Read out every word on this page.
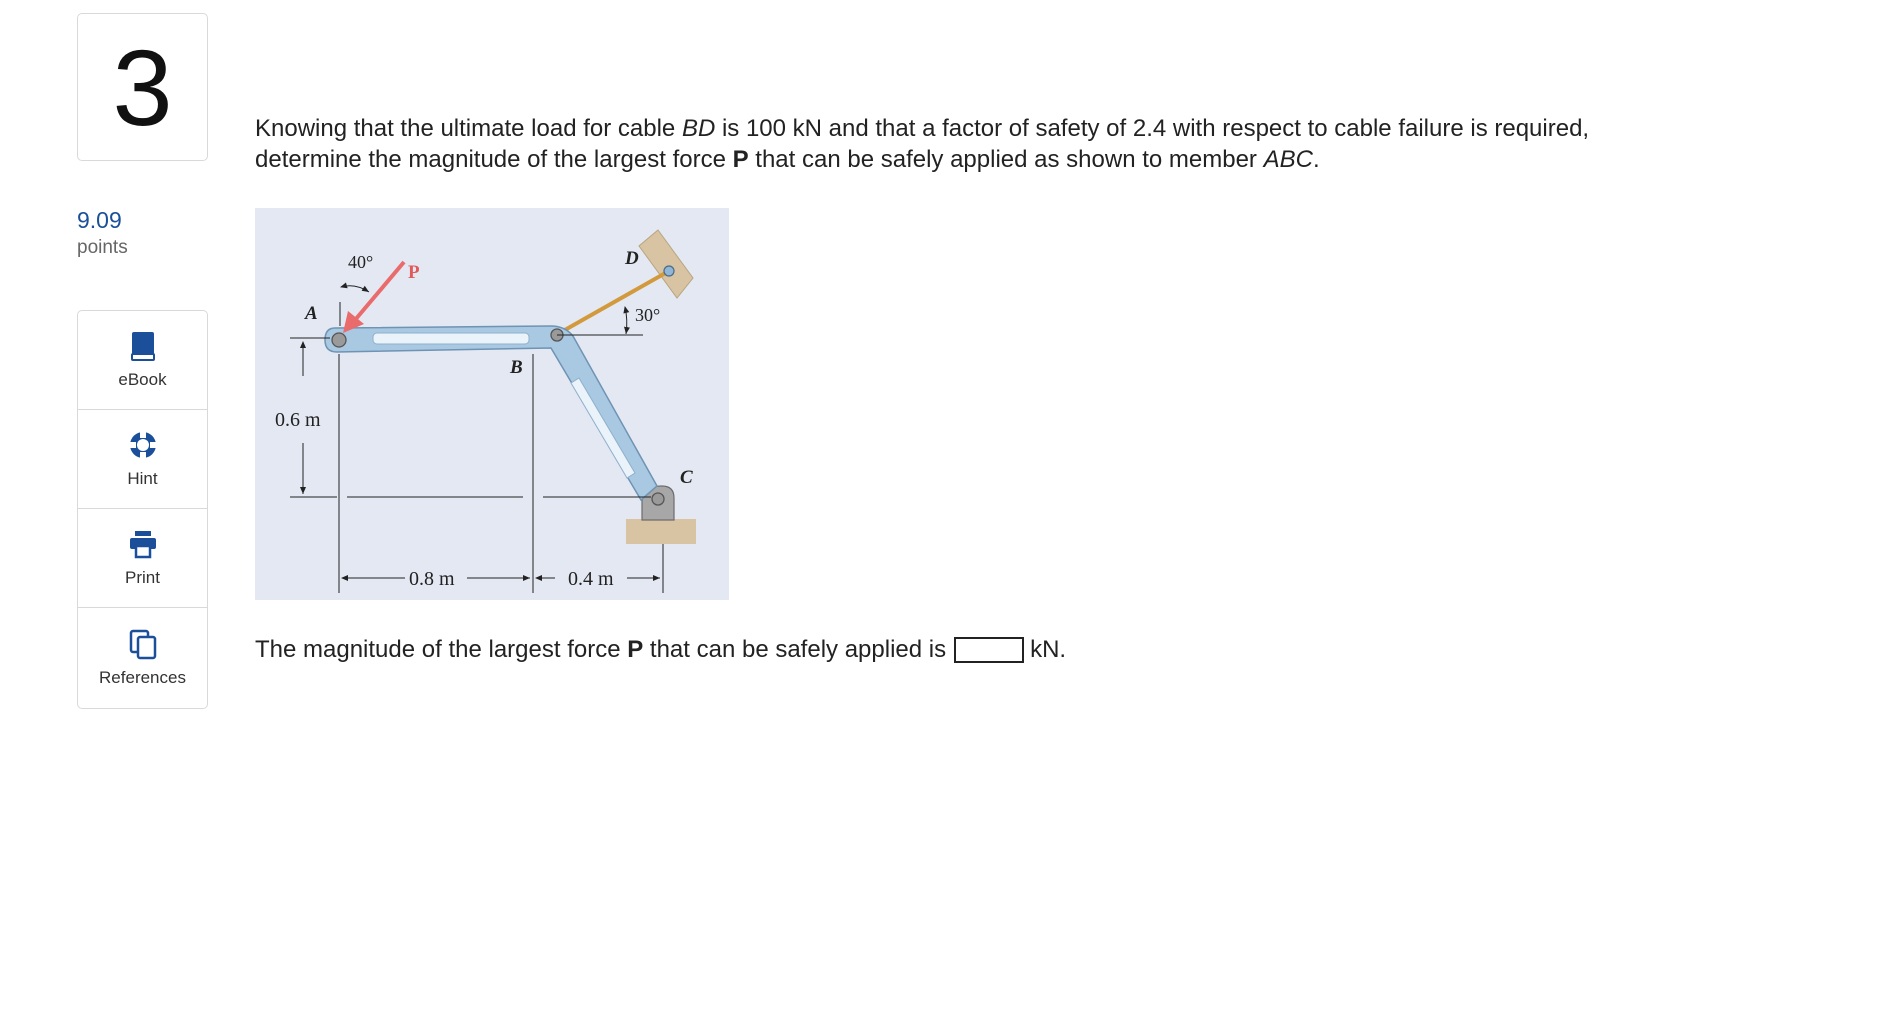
3
9.09
points
eBook
Hint
Print
References
Knowing that the ultimate load for cable BD is 100 kN and that a factor of safety of 2.4 with respect to cable failure is required,
determine the magnitude of the largest force P that can be safely applied as shown to member ABC.
40° P
A
B
C
D
30°
0.6 m
0.8 m	0.4 m
The magnitude of the largest force P that can be safely applied is	kN.
